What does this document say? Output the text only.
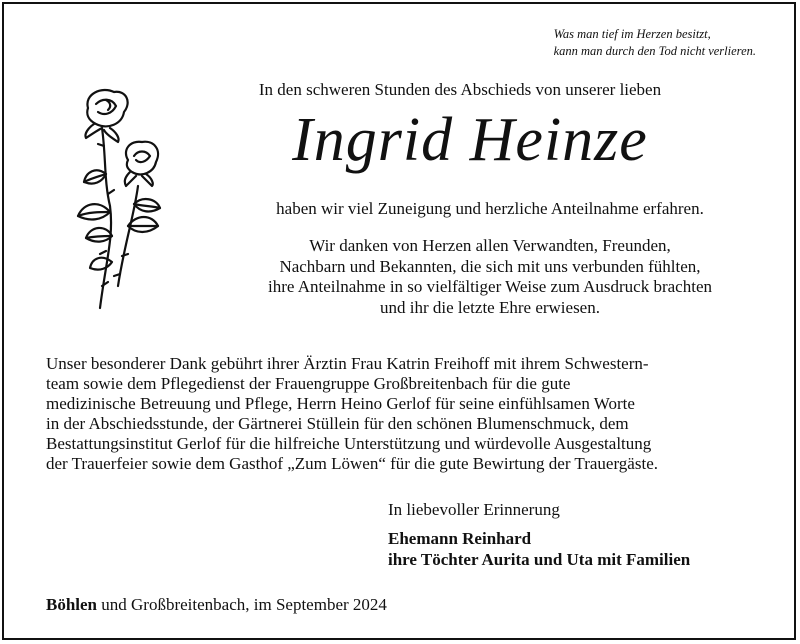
Was man tief im Herzen besitzt,
kann man durch den Tod nicht verlieren.
In den schweren Stunden des Abschieds von unserer lieben
Ingrid Heinze
haben wir viel Zuneigung und herzliche Anteilnahme erfahren.
Wir danken von Herzen allen Verwandten, Freunden,
Nachbarn und Bekannten, die sich mit uns verbunden fühlten,
ihre Anteilnahme in so vielfältiger Weise zum Ausdruck brachten
und ihr die letzte Ehre erwiesen.
Unser besonderer Dank gebührt ihrer Ärztin Frau Katrin Freihoff mit ihrem Schwestern-
team sowie dem Pflegedienst der Frauengruppe Großbreitenbach für die gute
medizinische Betreuung und Pflege, Herrn Heino Gerlof für seine einfühlsamen Worte
in der Abschiedsstunde, der Gärtnerei Stüllein für den schönen Blumenschmuck, dem
Bestattungsinstitut Gerlof für die hilfreiche Unterstützung und würdevolle Ausgestaltung
der Trauerfeier sowie dem Gasthof „Zum Löwen“ für die gute Bewirtung der Trauergäste.
In liebevoller Erinnerung
Ehemann Reinhard
ihre Töchter Aurita und Uta mit Familien
Böhlen und Großbreitenbach, im September 2024
